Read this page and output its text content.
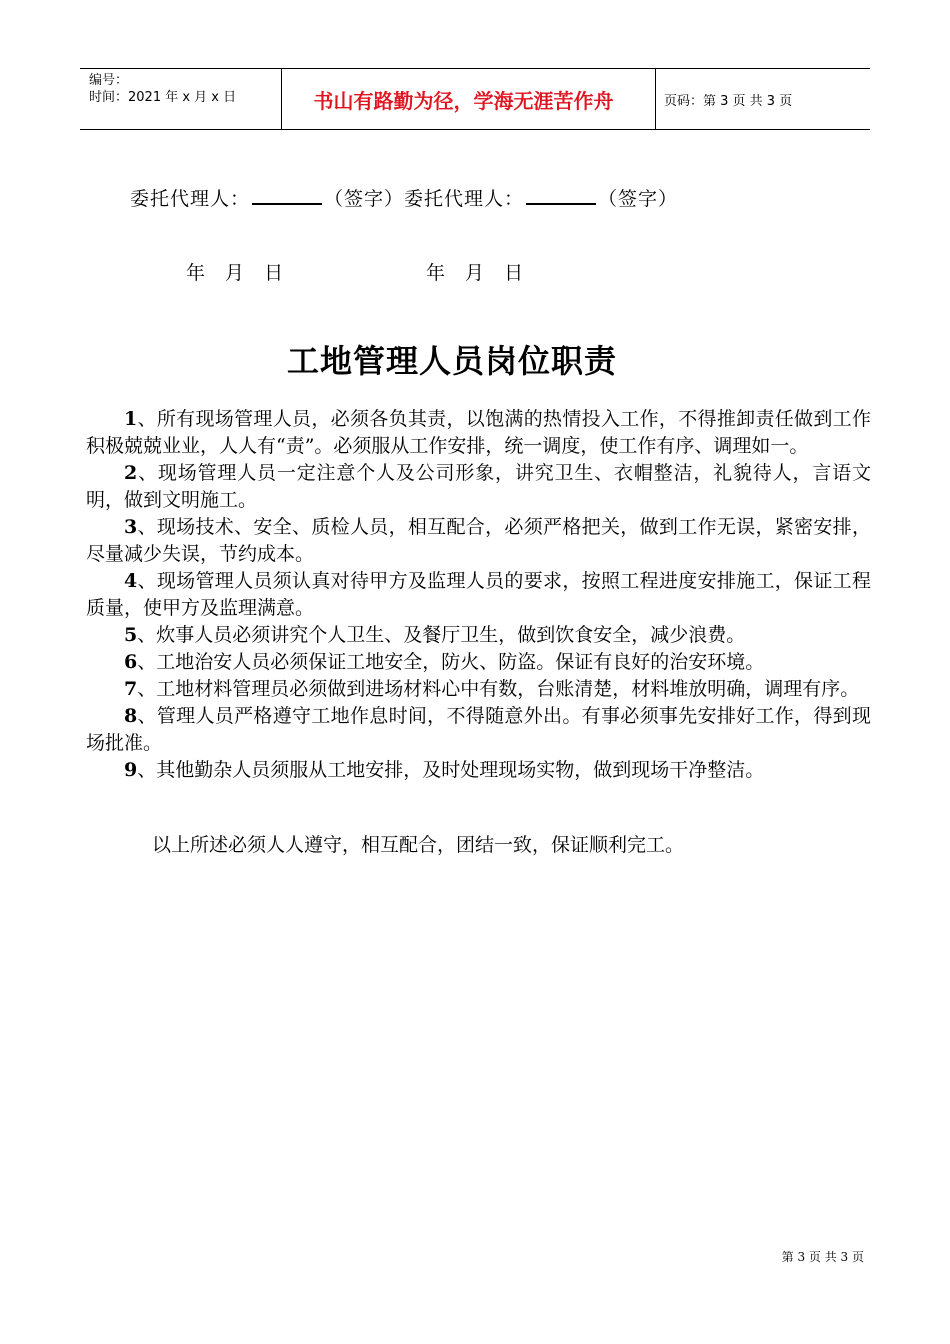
编号：
时间：2021 年 x 月 x 日	书山有路勤为径，学海无涯苦作舟	页码：第 3 页 共 3 页
委托代理人：	（签字）委托代理人：	（签字）
年 月 日	年 月 日
工地管理人员岗位职责

1、所有现场管理人员，必须各负其责，以饱满的热情投入工作，不得推卸责任做到工作积极兢兢业业，人人有“责”。必须服从工作安排，统一调度，使工作有序、调理如一。

2、现场管理人员一定注意个人及公司形象，讲究卫生、衣帽整洁，礼貌待人，言语文明，做到文明施工。

3、现场技术、安全、质检人员，相互配合，必须严格把关，做到工作无误，紧密安排，尽量减少失误，节约成本。

4、现场管理人员须认真对待甲方及监理人员的要求，按照工程进度安排施工，保证工程质量，使甲方及监理满意。

5、炊事人员必须讲究个人卫生、及餐厅卫生，做到饮食安全，减少浪费。

6、工地治安人员必须保证工地安全，防火、防盗。保证有良好的治安环境。

7、工地材料管理员必须做到进场材料心中有数，台账清楚，材料堆放明确，调理有序。

8、管理人员严格遵守工地作息时间，不得随意外出。有事必须事先安排好工作，得到现场批准。

9、其他勤杂人员须服从工地安排，及时处理现场实物，做到现场干净整洁。

以上所述必须人人遵守，相互配合，团结一致，保证顺利完工。
第 3 页 共 3 页
